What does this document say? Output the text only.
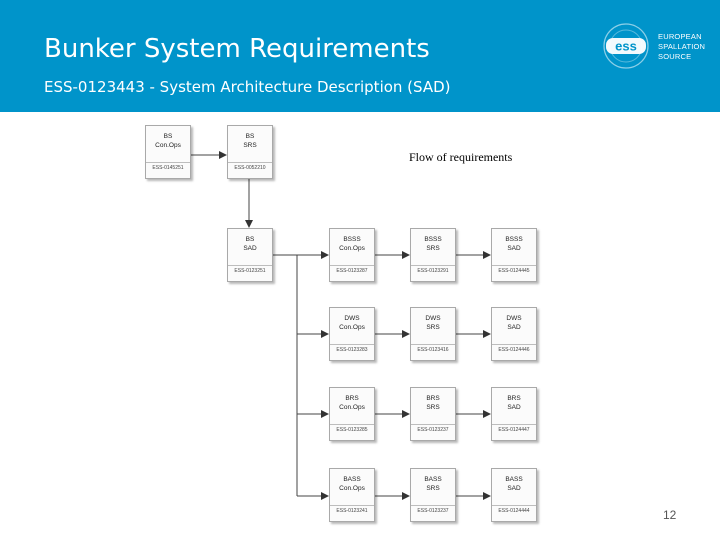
Bunker System Requirements
ESS-0123443 - System Architecture Description (SAD)
ess
EUROPEAN
SPALLATION
SOURCE
Flow of requirements
BS
Con.Ops
ESS-0145251
BS
SRS
ESS-0052210
BS
SAD
ESS-0123251
BSSS
Con.Ops
ESS-0123287
BSSS
SRS
ESS-0123291
BSSS
SAD
ESS-0124445
DWS
Con.Ops
ESS-0123283
DWS
SRS
ESS-0123416
DWS
SAD
ESS-0124446
BRS
Con.Ops
ESS-0123285
BRS
SRS
ESS-0123237
BRS
SAD
ESS-0124447
BASS
Con.Ops
ESS-0123241
BASS
SRS
ESS-0123237
BASS
SAD
ESS-0124444	12
